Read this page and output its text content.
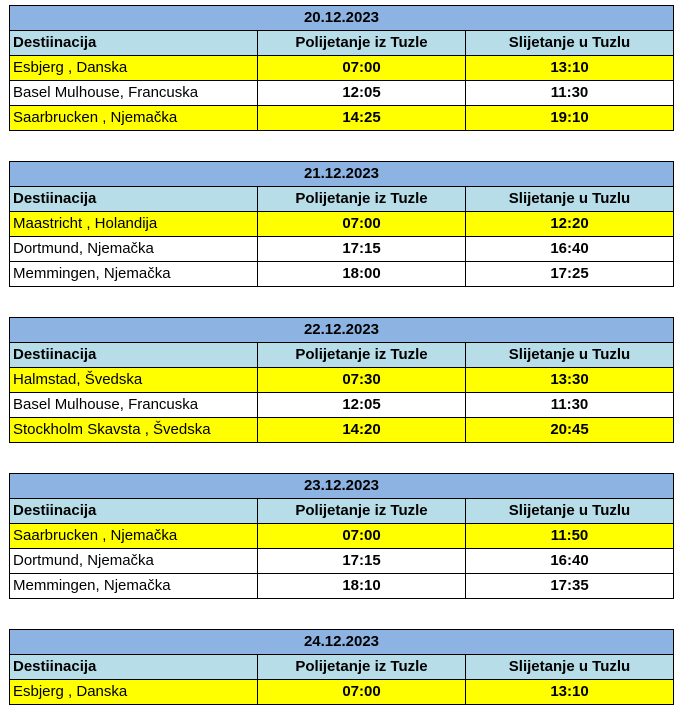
20.12.2023		
Destiinacija	Polijetanje iz Tuzle	Slijetanje u Tuzlu
Esbjerg , Danska	07:00	13:10
Basel Mulhouse, Francuska	12:05	11:30
Saarbrucken , Njemačka	14:25	19:10
21.12.2023		
Destiinacija	Polijetanje iz Tuzle	Slijetanje u Tuzlu
Maastricht , Holandija	07:00	12:20
Dortmund, Njemačka	17:15	16:40
Memmingen, Njemačka	18:00	17:25
22.12.2023		
Destiinacija	Polijetanje iz Tuzle	Slijetanje u Tuzlu
Halmstad, Švedska	07:30	13:30
Basel Mulhouse, Francuska	12:05	11:30
Stockholm Skavsta , Švedska	14:20	20:45
23.12.2023		
Destiinacija	Polijetanje iz Tuzle	Slijetanje u Tuzlu
Saarbrucken , Njemačka	07:00	11:50
Dortmund, Njemačka	17:15	16:40
Memmingen, Njemačka	18:10	17:35
24.12.2023		
Destiinacija	Polijetanje iz Tuzle	Slijetanje u Tuzlu
Esbjerg , Danska	07:00	13:10
